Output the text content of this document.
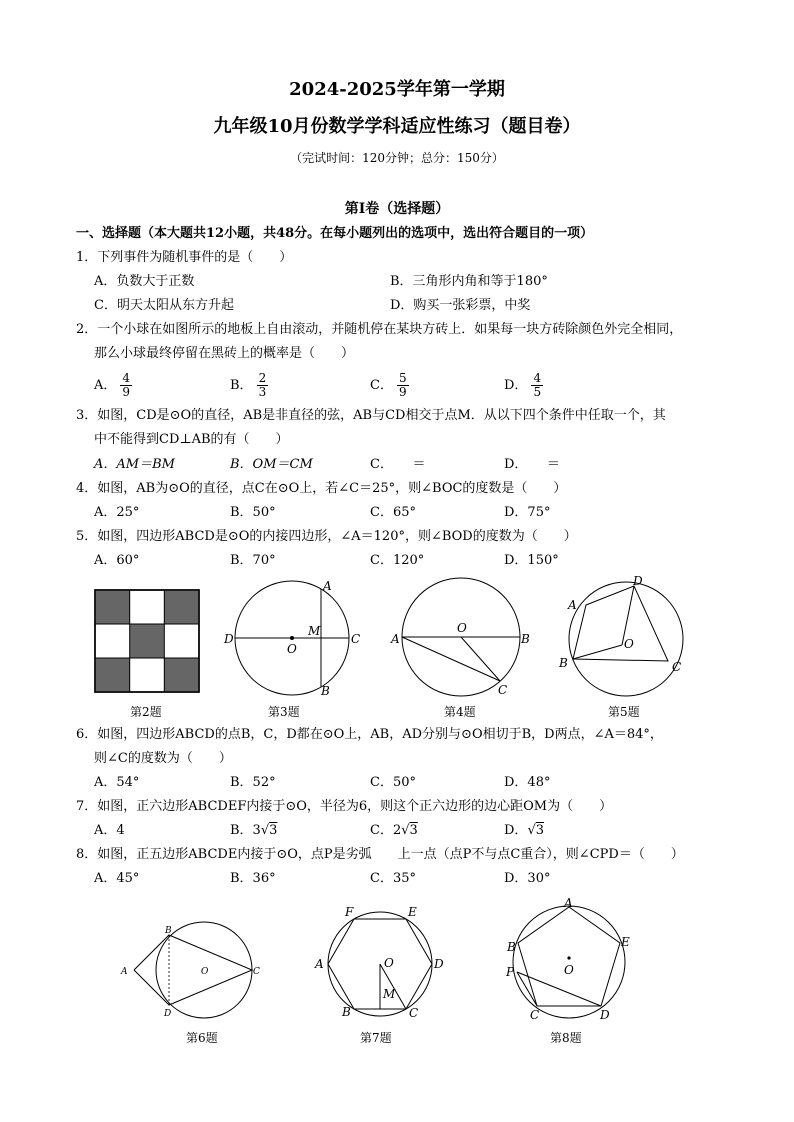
2024-2025学年第一学期
九年级10月份数学学科适应性练习（题目卷）
（完试时间：120分钟；总分：150分）
第I卷（选择题）
一、选择题（本大题共12小题，共48分。在每小题列出的选项中，选出符合题目的一项）
1．下列事件为随机事件的是（　　）
A．负数大于正数	B．三角形内角和等于180°
C．明天太阳从东方升起	D．购买一张彩票，中奖
2．一个小球在如图所示的地板上自由滚动，并随机停在某块方砖上．如果每一块方砖除颜色外完全相同，
那么小球最终停留在黑砖上的概率是（　　）
A． $\frac{4}{9}$	B． $\frac{2}{3}$	C． $\frac{5}{9}$	D． $\frac{4}{5}$
3．如图，CD是⊙O的直径，AB是非直径的弦，AB与CD相交于点M．从以下四个条件中任取一个，其
中不能得到CD⊥AB的有（　　）
A．AM＝BM	B．OM＝CM	C．　　＝	D．　　＝
4．如图，AB为⊙O的直径，点C在⊙O上，若∠C＝25°，则∠BOC的度数是（　　）
A．25°	B．50°	C．65°	D．75°
5．如图，四边形ABCD是⊙O的内接四边形，∠A＝120°，则∠BOD的度数为（　　）
A．60°	B．70°	C．120°	D．150°
第2题
D	C
A
B
O
M
第3题
A	B
O
C
第4题
D
A
O
B	C
第5题
6．如图，四边形ABCD的点B，C，D都在⊙O上，AB，AD分别与⊙O相切于B，D两点，∠A＝84°，
则∠C的度数为（　　）
A．54°	B．52°	C．50°	D．48°
7．如图，正六边形ABCDEF内接于⊙O，半径为6，则这个正六边形的边心距OM为（　　）
A．4	B．3√3	C．2√3	D．√3
8．如图，正五边形ABCDE内接于⊙O，点P是劣弧　　上一点（点P不与点C重合），则∠CPD＝（　　）
A．45°	B．36°	C．35°	D．30°
A
B
C
D
O
第6题
F	E
A	D
B	C
O
M
第7题
A
E
B
P	O
C	D
第8题
